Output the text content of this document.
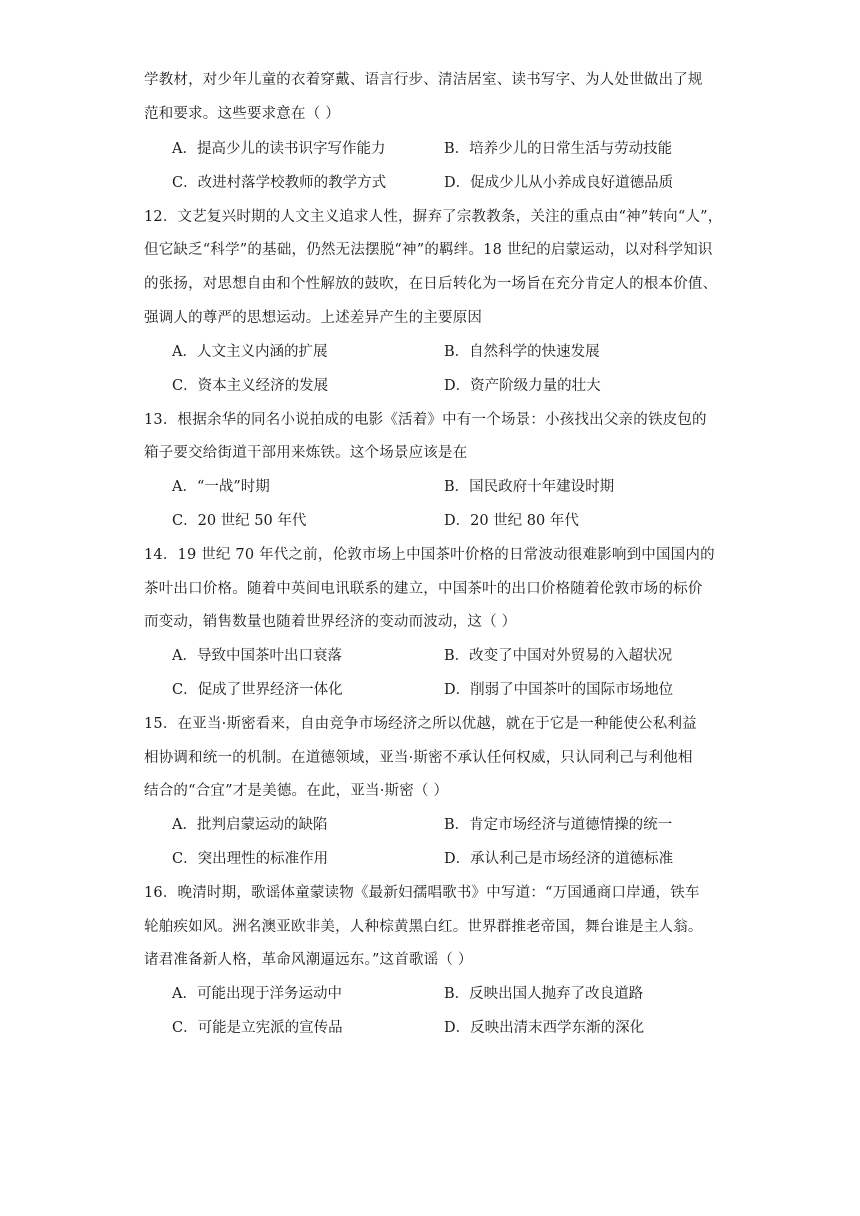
学教材，对少年儿童的衣着穿戴、语言行步、清洁居室、读书写字、为人处世做出了规
范和要求。这些要求意在（ ）
A．提高少儿的读书识字写作能力	B．培养少儿的日常生活与劳动技能
C．改进村落学校教师的教学方式	D．促成少儿从小养成良好道德品质
12．文艺复兴时期的人文主义追求人性，摒弃了宗教教条，关注的重点由“神”转向“人”，
但它缺乏“科学”的基础，仍然无法摆脱“神”的羁绊。18 世纪的启蒙运动，以对科学知识
的张扬，对思想自由和个性解放的鼓吹，在日后转化为一场旨在充分肯定人的根本价值、
强调人的尊严的思想运动。上述差异产生的主要原因
A．人文主义内涵的扩展	B．自然科学的快速发展
C．资本主义经济的发展	D．资产阶级力量的壮大
13．根据余华的同名小说拍成的电影《活着》中有一个场景：小孩找出父亲的铁皮包的
箱子要交给街道干部用来炼铁。这个场景应该是在
A．“一战”时期	B．国民政府十年建设时期
C．20 世纪 50 年代	D．20 世纪 80 年代
14．19 世纪 70 年代之前，伦敦市场上中国茶叶价格的日常波动很难影响到中国国内的
茶叶出口价格。随着中英间电讯联系的建立，中国茶叶的出口价格随着伦敦市场的标价
而变动，销售数量也随着世界经济的变动而波动，这（ ）
A．导致中国茶叶出口衰落	B．改变了中国对外贸易的入超状况
C．促成了世界经济一体化	D．削弱了中国茶叶的国际市场地位
15．在亚当·斯密看来，自由竞争市场经济之所以优越，就在于它是一种能使公私利益
相协调和统一的机制。在道德领域，亚当·斯密不承认任何权威，只认同利己与利他相
结合的“合宜”才是美德。在此，亚当·斯密（ ）
A．批判启蒙运动的缺陷	B．肯定市场经济与道德情操的统一
C．突出理性的标准作用	D．承认利己是市场经济的道德标准
16．晚清时期，歌谣体童蒙读物《最新妇孺唱歌书》中写道：“万国通商口岸通，铁车
轮舶疾如风。洲名澳亚欧非美，人种棕黄黑白红。世界群推老帝国，舞台谁是主人翁。
诸君准备新人格，革命风潮逼远东。”这首歌谣（ ）
A．可能出现于洋务运动中	B．反映出国人抛弃了改良道路
C．可能是立宪派的宣传品	D．反映出清末西学东渐的深化
